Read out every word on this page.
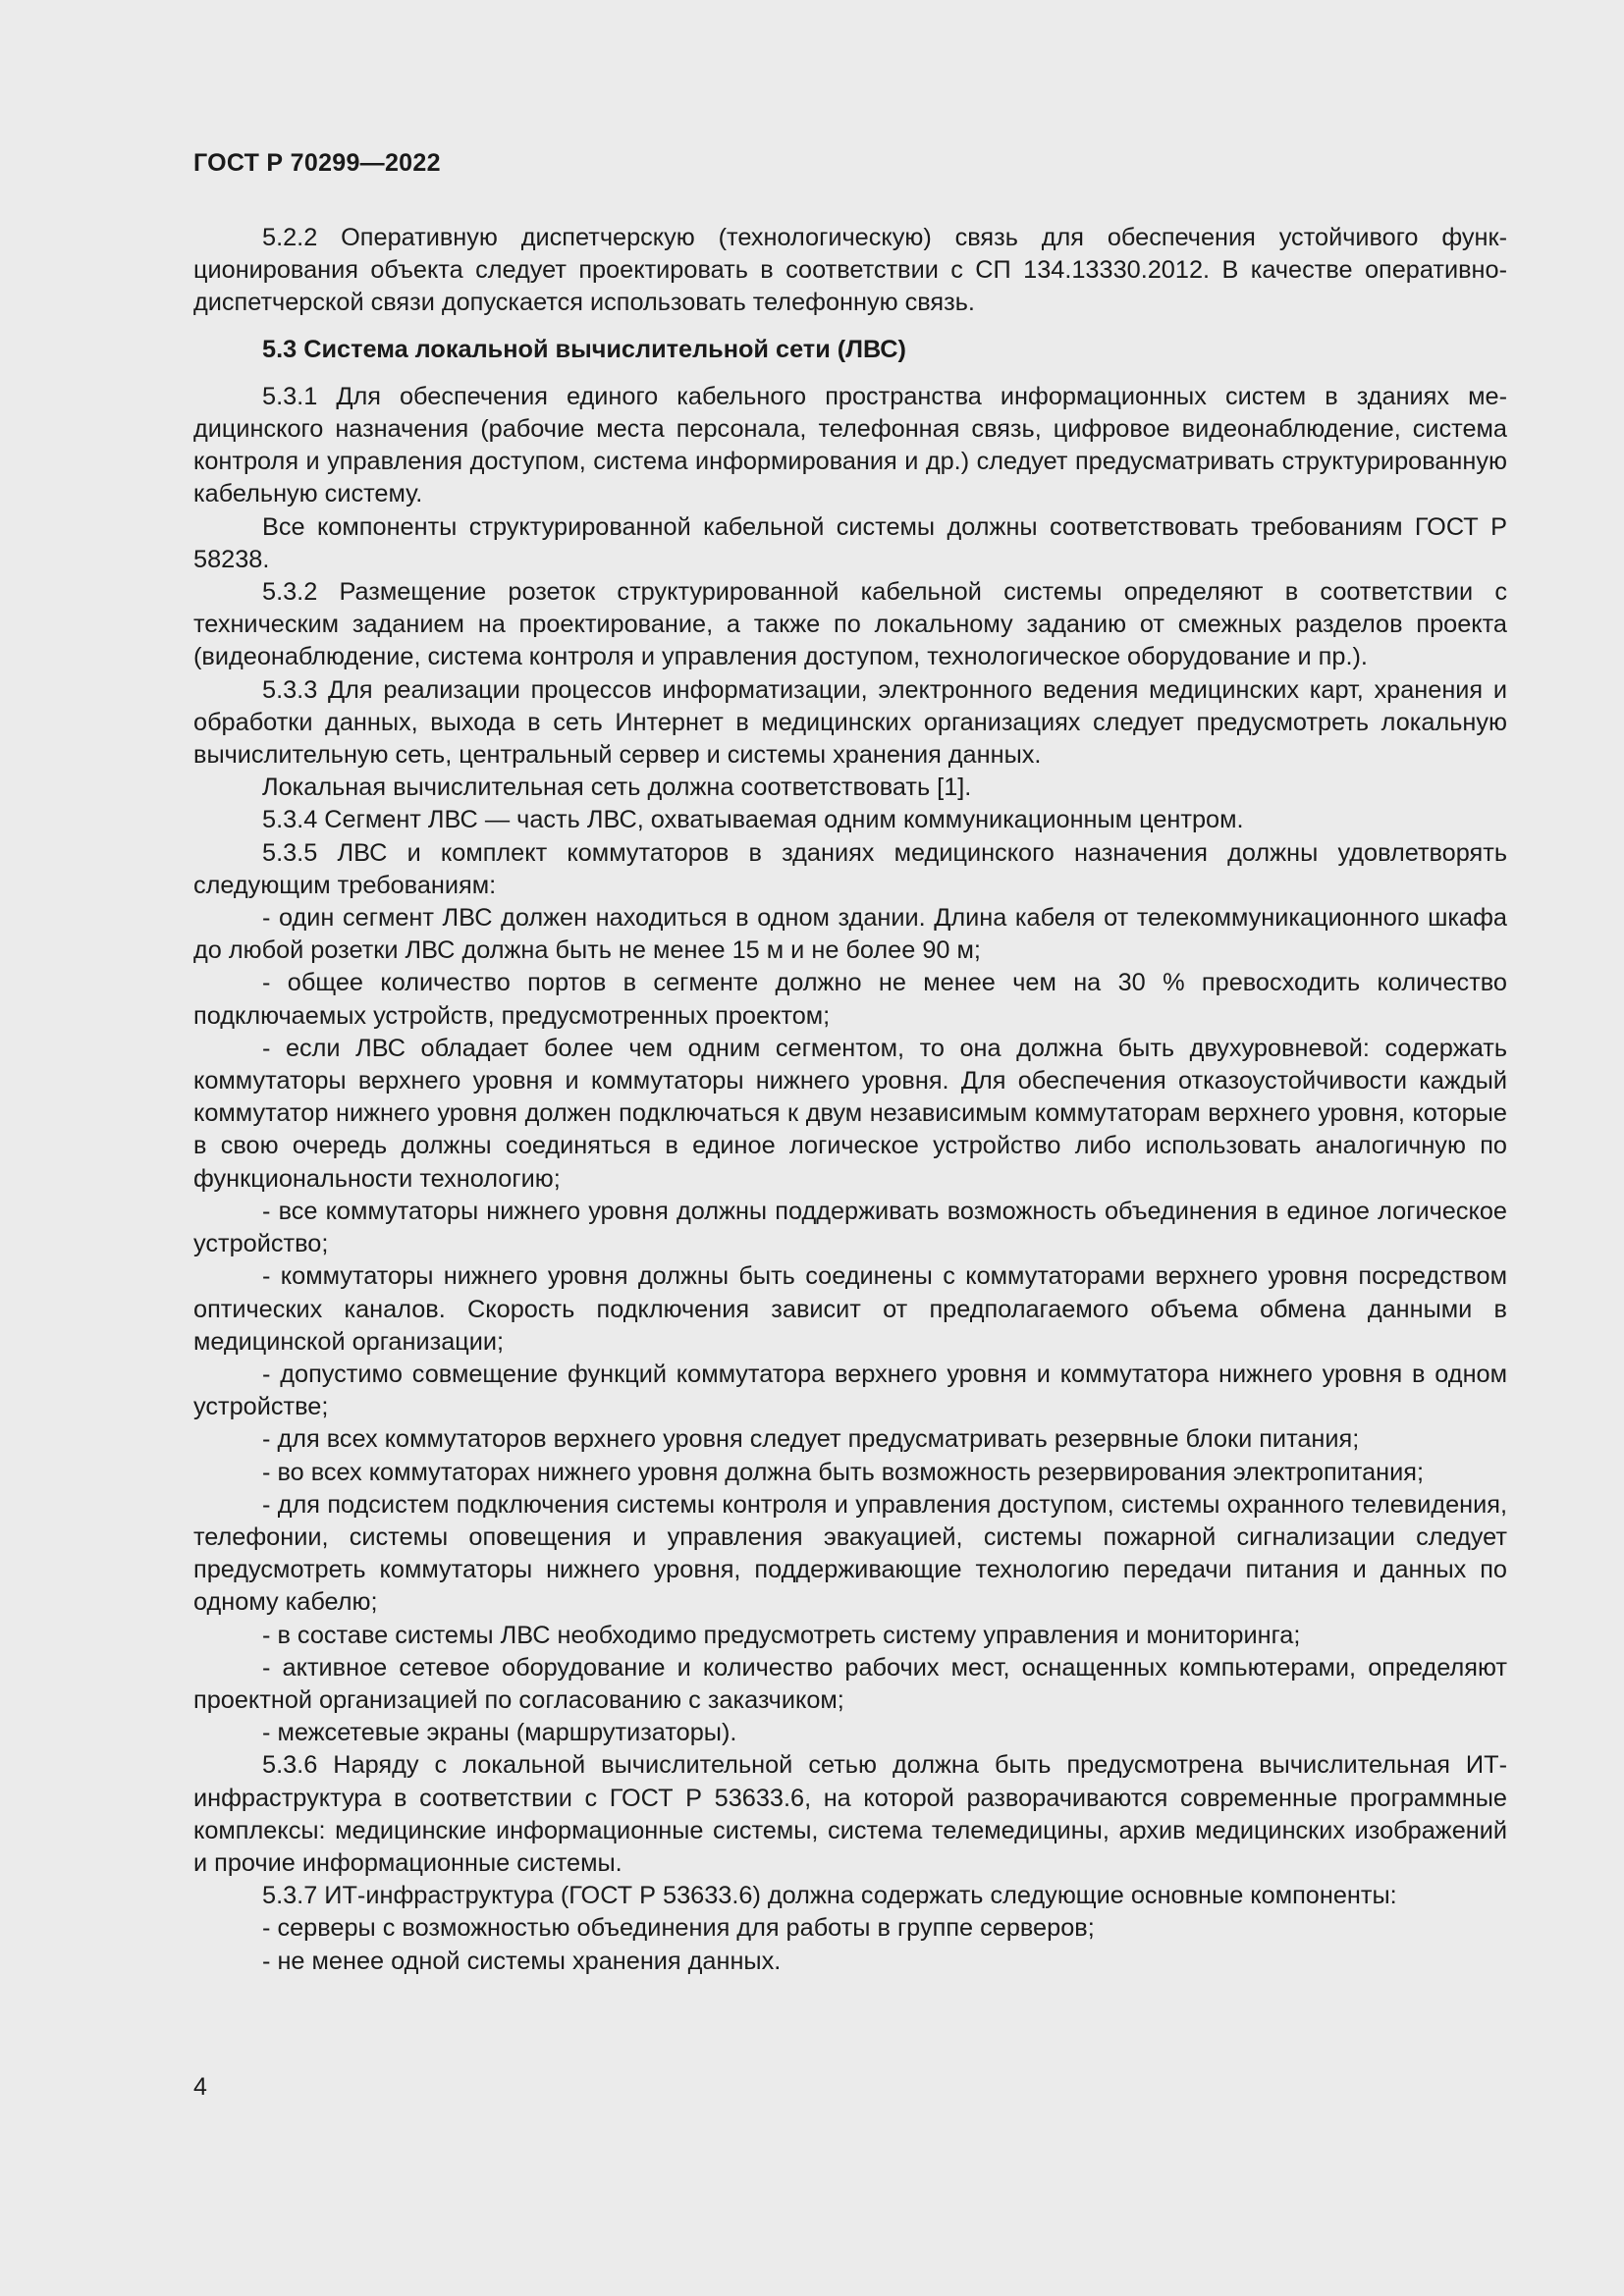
ГОСТ Р 70299—2022

5.2.2 Оперативную диспетчерскую (технологическую) связь для обеспечения устойчивого функционирования объекта следует проектировать в соответствии с СП 134.13330.2012. В качестве оперативно-диспетчерской связи допускается использовать телефонную связь.

5.3 Система локальной вычислительной сети (ЛВС)

5.3.1 Для обеспечения единого кабельного пространства информационных систем в зданиях медицинского назначения (рабочие места персонала, телефонная связь, цифровое видеонаблюдение, система контроля и управления доступом, система информирования и др.) следует предусматривать структурированную кабельную систему.

Все компоненты структурированной кабельной системы должны соответствовать требованиям ГОСТ Р 58238.

5.3.2 Размещение розеток структурированной кабельной системы определяют в соответствии с техническим заданием на проектирование, а также по локальному заданию от смежных разделов проекта (видеонаблюдение, система контроля и управления доступом, технологическое оборудование и пр.).

5.3.3 Для реализации процессов информатизации, электронного ведения медицинских карт, хранения и обработки данных, выхода в сеть Интернет в медицинских организациях следует предусмотреть локальную вычислительную сеть, центральный сервер и системы хранения данных.

Локальная вычислительная сеть должна соответствовать [1].

5.3.4 Сегмент ЛВС — часть ЛВС, охватываемая одним коммуникационным центром.

5.3.5 ЛВС и комплект коммутаторов в зданиях медицинского назначения должны удовлетворять следующим требованиям:

- один сегмент ЛВС должен находиться в одном здании. Длина кабеля от телекоммуникационного шкафа до любой розетки ЛВС должна быть не менее 15 м и не более 90 м;

- общее количество портов в сегменте должно не менее чем на 30 % превосходить количество подключаемых устройств, предусмотренных проектом;

- если ЛВС обладает более чем одним сегментом, то она должна быть двухуровневой: содержать коммутаторы верхнего уровня и коммутаторы нижнего уровня. Для обеспечения отказоустойчивости каждый коммутатор нижнего уровня должен подключаться к двум независимым коммутаторам верхнего уровня, которые в свою очередь должны соединяться в единое логическое устройство либо использовать аналогичную по функциональности технологию;

- все коммутаторы нижнего уровня должны поддерживать возможность объединения в единое логическое устройство;

- коммутаторы нижнего уровня должны быть соединены с коммутаторами верхнего уровня посредством оптических каналов. Скорость подключения зависит от предполагаемого объема обмена данными в медицинской организации;

- допустимо совмещение функций коммутатора верхнего уровня и коммутатора нижнего уровня в одном устройстве;

- для всех коммутаторов верхнего уровня следует предусматривать резервные блоки питания;

- во всех коммутаторах нижнего уровня должна быть возможность резервирования электропитания;

- для подсистем подключения системы контроля и управления доступом, системы охранного телевидения, телефонии, системы оповещения и управления эвакуацией, системы пожарной сигнализации следует предусмотреть коммутаторы нижнего уровня, поддерживающие технологию передачи питания и данных по одному кабелю;

- в составе системы ЛВС необходимо предусмотреть систему управления и мониторинга;

- активное сетевое оборудование и количество рабочих мест, оснащенных компьютерами, определяют проектной организацией по согласованию с заказчиком;

- межсетевые экраны (маршрутизаторы).

5.3.6 Наряду с локальной вычислительной сетью должна быть предусмотрена вычислительная ИТ-инфраструктура в соответствии с ГОСТ Р 53633.6, на которой разворачиваются современные программные комплексы: медицинские информационные системы, система телемедицины, архив медицинских изображений и прочие информационные системы.

5.3.7 ИТ-инфраструктура (ГОСТ Р 53633.6) должна содержать следующие основные компоненты:

- серверы с возможностью объединения для работы в группе серверов;

- не менее одной системы хранения данных.

4
